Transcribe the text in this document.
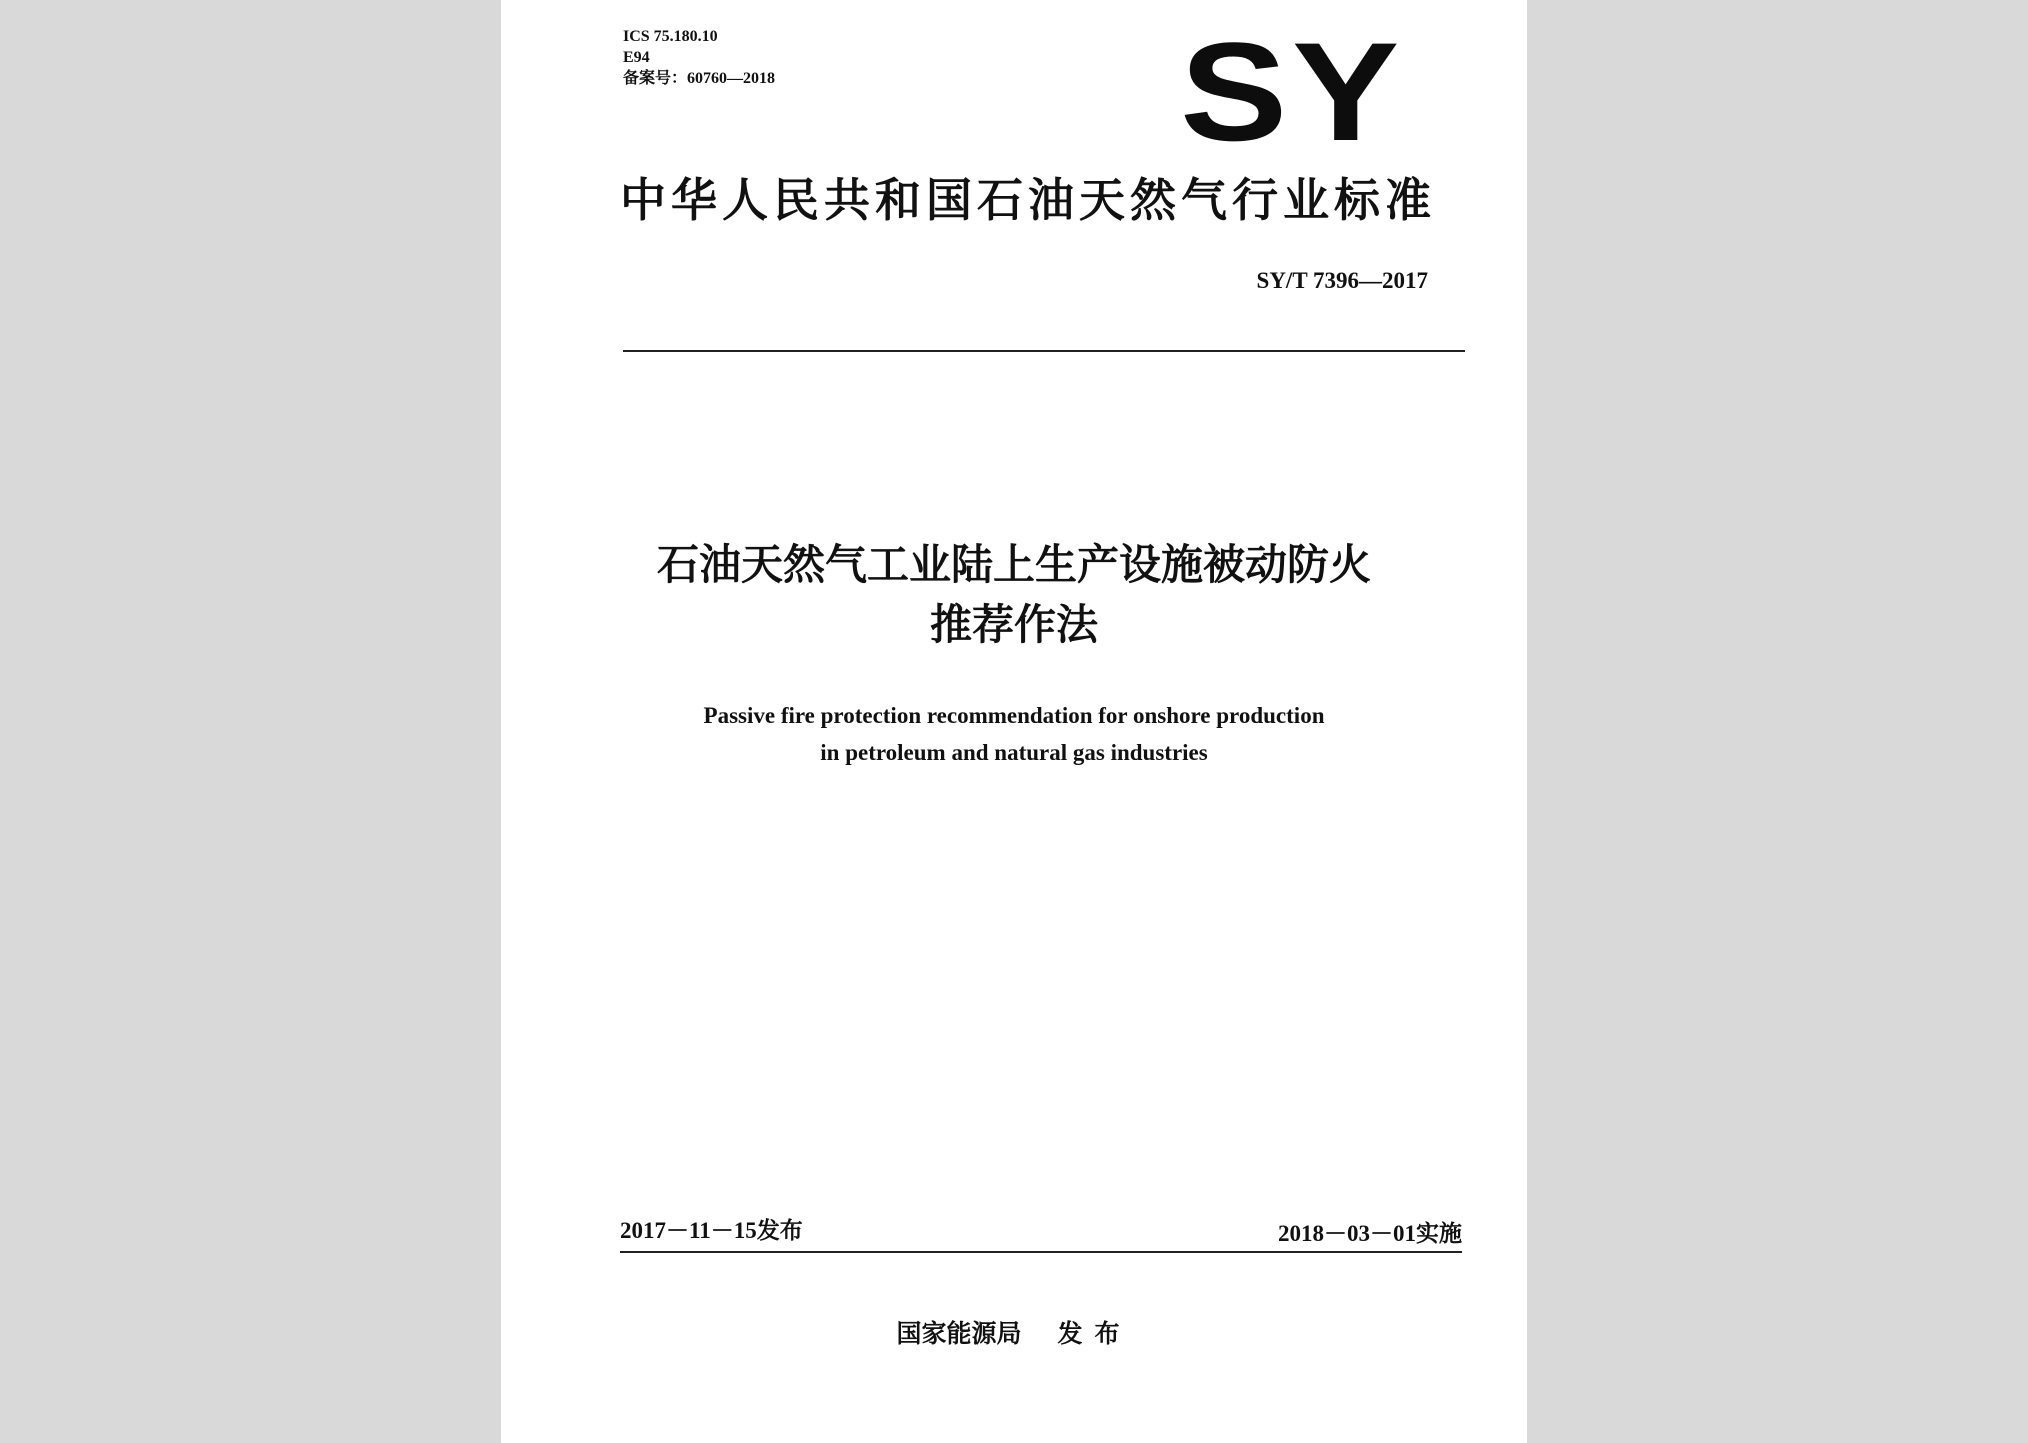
ICS 75.180.10
E94
备案号：60760—2018	SY
中华人民共和国石油天然气行业标准
SY/T 7396—2017
石油天然气工业陆上生产设施被动防火
推荐作法
Passive fire protection recommendation for onshore production
in petroleum and natural gas industries
2017－11－15发布	2018－03－01实施
国家能源局 发布
